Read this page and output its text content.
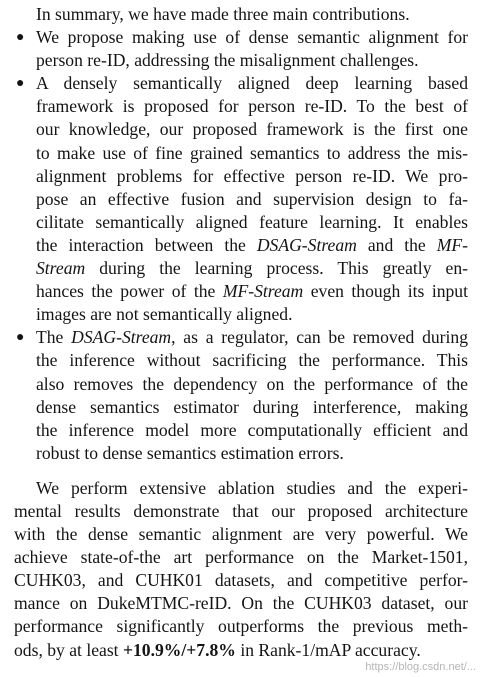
In summary, we have made three main contributions.
● We propose making use of dense semantic alignment for
person re-ID, addressing the misalignment challenges.
● A densely semantically aligned deep learning based
framework is proposed for person re-ID. To the best of
our knowledge, our proposed framework is the first one
to make use of fine grained semantics to address the mis-
alignment problems for effective person re-ID. We pro-
pose an effective fusion and supervision design to fa-
cilitate semantically aligned feature learning. It enables
the interaction between the DSAG-Stream and the MF-
Stream during the learning process. This greatly en-
hances the power of the MF-Stream even though its input
images are not semantically aligned.
● The DSAG-Stream, as a regulator, can be removed during
the inference without sacrificing the performance. This
also removes the dependency on the performance of the
dense semantics estimator during interference, making
the inference model more computationally efficient and
robust to dense semantics estimation errors.
We perform extensive ablation studies and the experi-
mental results demonstrate that our proposed architecture
with the dense semantic alignment are very powerful. We
achieve state-of-the art performance on the Market-1501,
CUHK03, and CUHK01 datasets, and competitive perfor-
mance on DukeMTMC-reID. On the CUHK03 dataset, our
performance significantly outperforms the previous meth-
ods, by at least +10.9%/+7.8% in Rank-1/mAP accuracy.
https://blog.csdn.net/...
